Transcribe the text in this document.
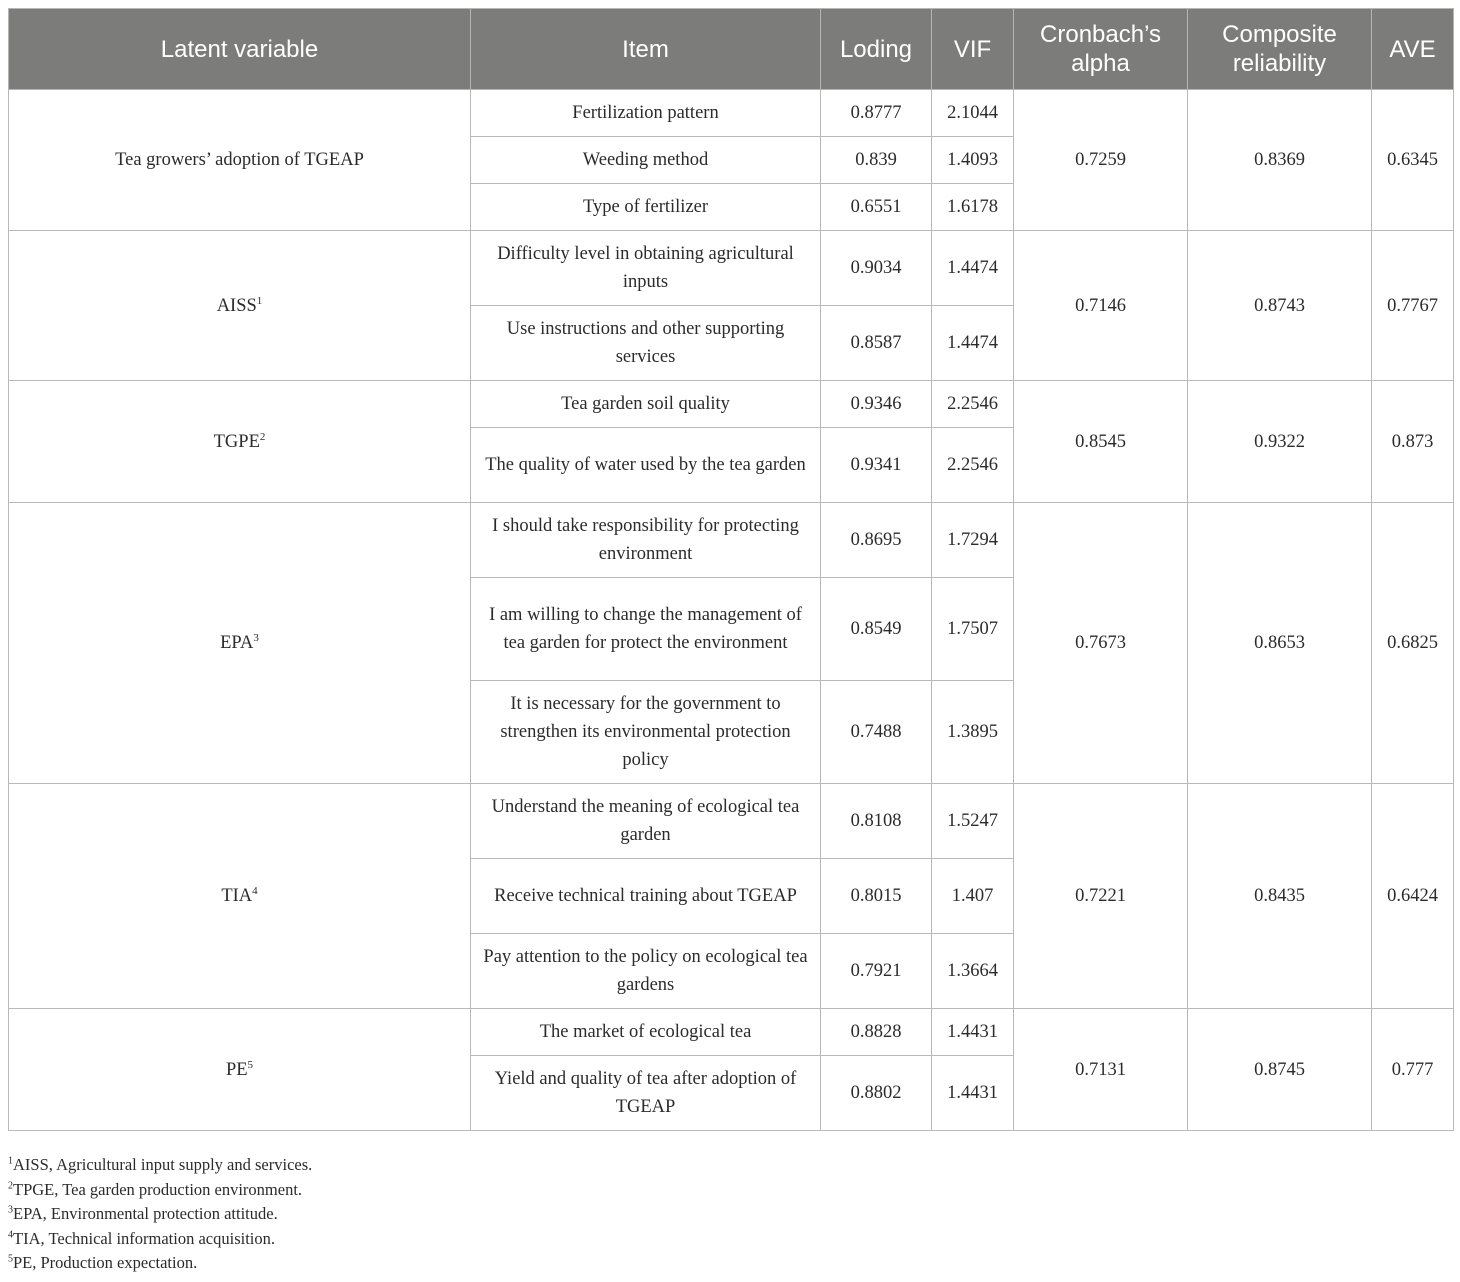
Latent variable	Item	Loding	VIF	Cronbach’s alpha	Composite reliability	AVE
Tea growers’ adoption of TGEAP	Fertilization pattern	0.8777	2.1044	0.7259	0.8369	0.6345
	Weeding method	0.839	1.4093			
	Type of fertilizer	0.6551	1.6178			
AISS$^1$	Difficulty level in obtaining agricultural inputs	0.9034	1.4474	0.7146	0.8743	0.7767
	Use instructions and other supporting services	0.8587	1.4474			
TGPE$^2$	Tea garden soil quality	0.9346	2.2546	0.8545	0.9322	0.873
	The quality of water used by the tea garden	0.9341	2.2546			
EPA$^3$	I should take responsibility for protecting environment	0.8695	1.7294	0.7673	0.8653	0.6825
	I am willing to change the management of tea garden for protect the environment	0.8549	1.7507			
	It is necessary for the government to strengthen its environmental protection policy	0.7488	1.3895			
TIA$^4$	Understand the meaning of ecological tea garden	0.8108	1.5247	0.7221	0.8435	0.6424
	Receive technical training about TGEAP	0.8015	1.407			
	Pay attention to the policy on ecological tea gardens	0.7921	1.3664			
$PE^5$	The market of ecological tea	0.8828	1.4431	0.7131	0.8745	0.777
	Yield and quality of tea after adoption of TGEAP	0.8802	1.4431			
$^1$AISS, Agricultural input supply and services.
$^2$TPGE, Tea garden production environment.
$^3$EPA, Environmental protection attitude.
$^4$TIA, Technical information acquisition.
$^5$PE, Production expectation.
